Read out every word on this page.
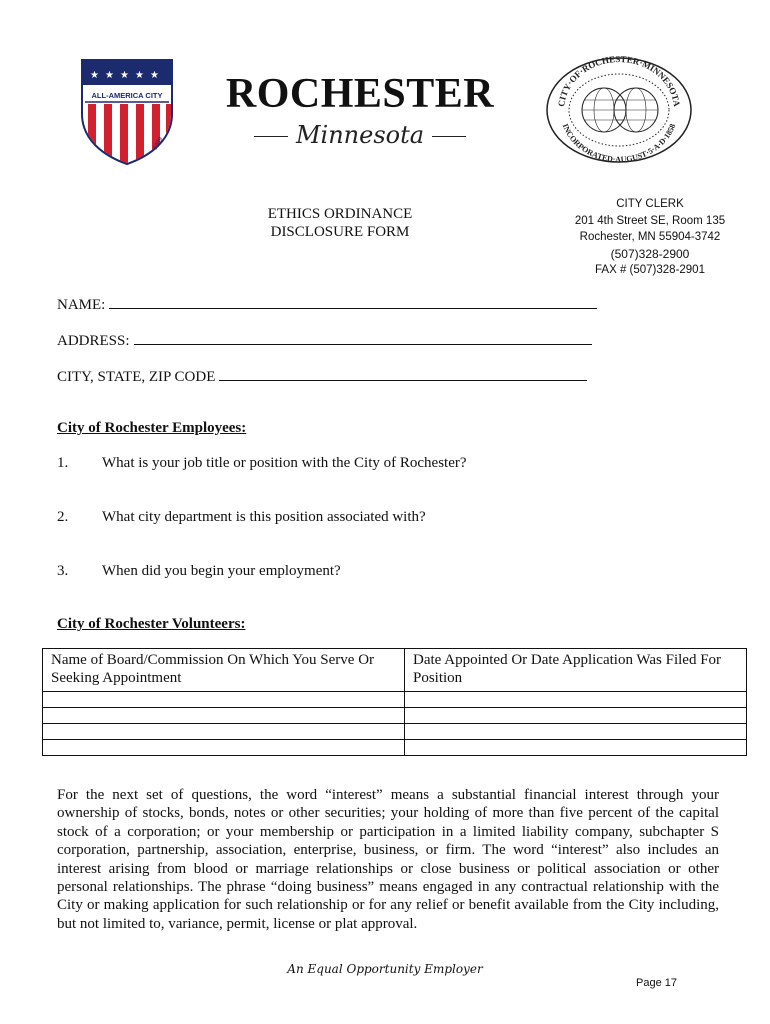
★ ★ ★ ★ ★
ALL-AMERICA CITY
1989
ROCHESTER
Minnesota
CITY·OF·ROCHESTER·MINNESOTA
INCORPORATED·AUGUST·5·A·D·1858
ETHICS ORDINANCE
DISCLOSURE FORM
CITY CLERK
201 4th Street SE, Room 135
Rochester, MN 55904-3742
(507)328-2900
FAX # (507)328-2901
NAME:
ADDRESS:
CITY, STATE, ZIP CODE
City of Rochester Employees:
1. What is your job title or position with the City of Rochester?
2. What city department is this position associated with?
3. When did you begin your employment?
City of Rochester Volunteers:
Name of Board/Commission On Which You Serve Or Seeking Appointment	Date Appointed Or Date Application Was Filed For Position

For the next set of questions, the word “interest” means a substantial financial interest through your ownership of stocks, bonds, notes or other securities; your holding of more than five percent of the capital stock of a corporation; or your membership or participation in a limited liability company, subchapter S corporation, partnership, association, enterprise, business, or firm. The word “interest” also includes an interest arising from blood or marriage relationships or close business or political association or other personal relationships. The phrase “doing business” means engaged in any contractual relationship with the City or making application for such relationship or for any relief or benefit available from the City including, but not limited to, variance, permit, license or plat approval.
An Equal Opportunity Employer
Page 17
